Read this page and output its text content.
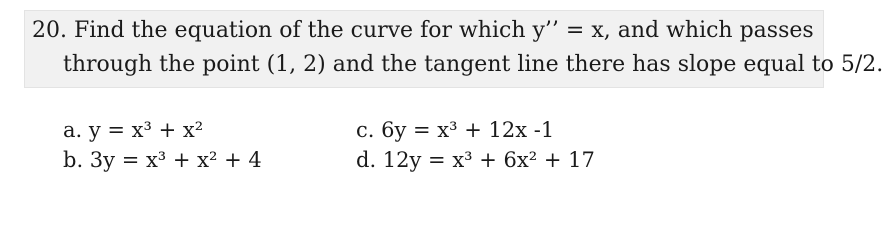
20. Find the equation of the curve for which y’’ = x, and which passes
through the point (1, 2) and the tangent line there has slope equal to 5/2.
a. y = x³ + x²
b. 3y = x³ + x² + 4
c. 6y = x³ + 12x -1
d. 12y = x³ + 6x² + 17
